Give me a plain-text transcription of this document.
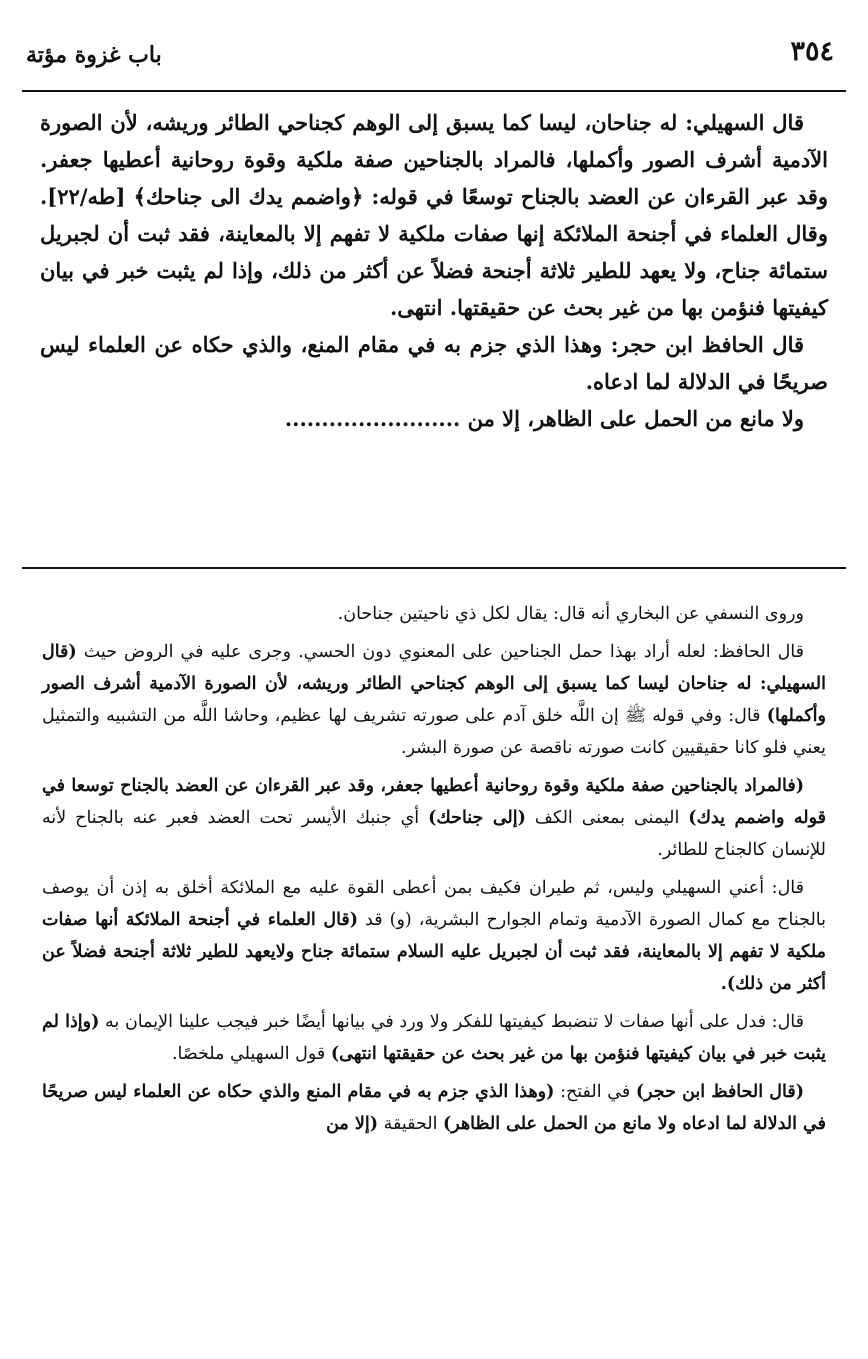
٣٥٤
باب غزوة مؤتة

قال السهيلي: له جناحان، ليسا كما يسبق إلى الوهم كجناحي الطائر وريشه، لأن الصورة الآدمية أشرف الصور وأكملها، فالمراد بالجناحين صفة ملكية وقوة روحانية أعطيها جعفر. وقد عبر القرءان عن العضد بالجناح توسعًا في قوله: ﴿واضمم يدك الى جناحك﴾ [طه/٢٢]. وقال العلماء في أجنحة الملائكة إنها صفات ملكية لا تفهم إلا بالمعاينة، فقد ثبت أن لجبريل ستمائة جناح، ولا يعهد للطير ثلاثة أجنحة فضلاً عن أكثر من ذلك، وإذا لم يثبت خبر في بيان كيفيتها فنؤمن بها من غير بحث عن حقيقتها. انتهى.

قال الحافظ ابن حجر: وهذا الذي جزم به في مقام المنع، والذي حكاه عن العلماء ليس صريحًا في الدلالة لما ادعاه.

ولا مانع من الحمل على الظاهر، إلا من ........................

وروى النسفي عن البخاري أنه قال: يقال لكل ذي ناحيتين جناحان.

قال الحافظ: لعله أراد بهذا حمل الجناحين على المعنوي دون الحسي. وجرى عليه في الروض حيث (قال السهيلي: له جناحان ليسا كما يسبق إلى الوهم كجناحي الطائر وريشه، لأن الصورة الآدمية أشرف الصور وأكملها) قال: وفي قوله ﷺ إن اللَّه خلق آدم على صورته تشريف لها عظيم، وحاشا اللَّه من التشبيه والتمثيل يعني فلو كانا حقيقيين كانت صورته ناقصة عن صورة البشر.

(فالمراد بالجناحين صفة ملكية وقوة روحانية أعطيها جعفر، وقد عبر القرءان عن العضد بالجناح توسعا في قوله واضمم يدك) اليمنى بمعنى الكف (إلى جناحك) أي جنبك الأيسر تحت العضد فعبر عنه بالجناح لأنه للإنسان كالجناح للطائر.

قال: أعني السهيلي وليس، ثم طيران فكيف بمن أعطى القوة عليه مع الملائكة أخلق به إذن أن يوصف بالجناح مع كمال الصورة الآدمية وتمام الجوارح البشرية، (و) قد (قال العلماء في أجنحة الملائكة أنها صفات ملكية لا تفهم إلا بالمعاينة، فقد ثبت أن لجبريل عليه السلام ستمائة جناح ولايعهد للطير ثلاثة أجنحة فضلاً عن أكثر من ذلك).

قال: فدل على أنها صفات لا تنضبط كيفيتها للفكر ولا ورد في بيانها أيضًا خبر فيجب علينا الإيمان به (وإذا لم يثبت خبر في بيان كيفيتها فنؤمن بها من غير بحث عن حقيقتها انتهى) قول السهيلي ملخصًا.

(قال الحافظ ابن حجر) في الفتح: (وهذا الذي جزم به في مقام المنع والذي حكاه عن العلماء ليس صريحًا في الدلالة لما ادعاه ولا مانع من الحمل على الظاهر) الحقيقة (إلا من
